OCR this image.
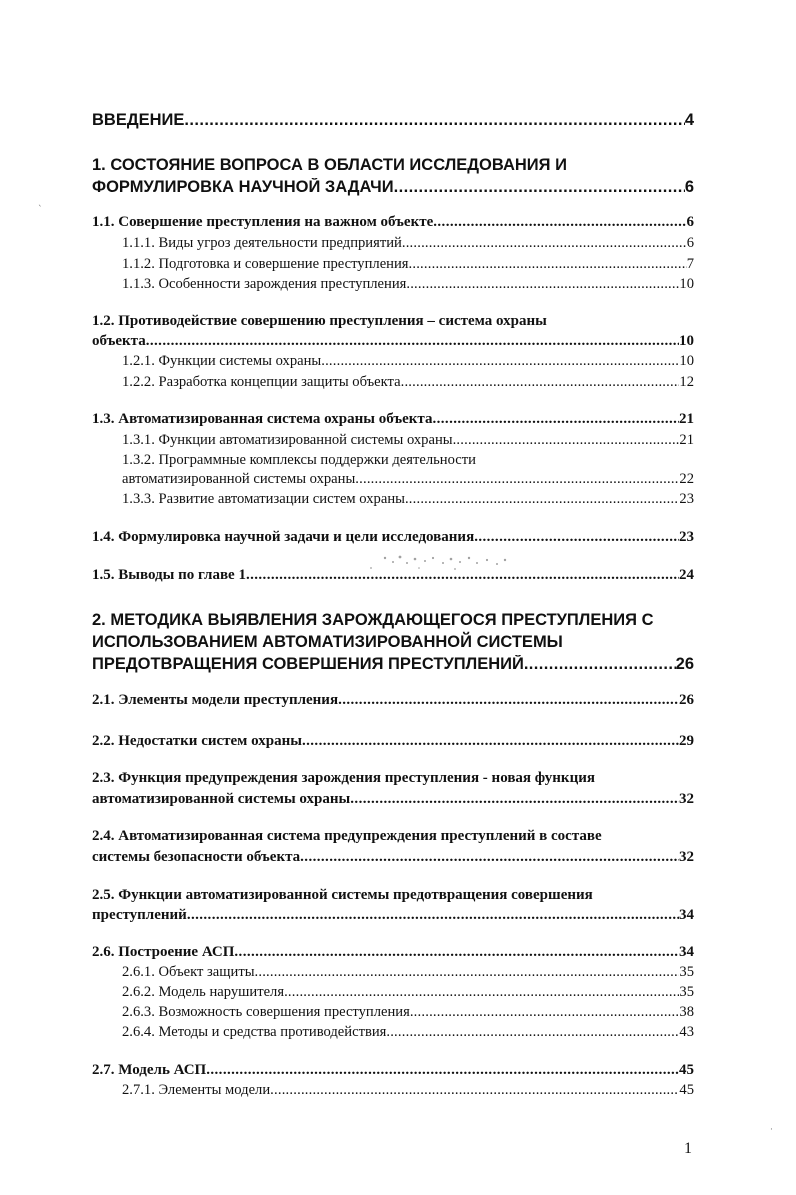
ВВЕДЕНИЕ .....	4
1. СОСТОЯНИЕ ВОПРОСА В ОБЛАСТИ ИССЛЕДОВАНИЯ И
ФОРМУЛИРОВКА НАУЧНОЙ ЗАДАЧИ .....	6
1.1. Совершение преступления на важном объекте .....	6
1.1.1. Виды угроз деятельности предприятий .....	6
1.1.2. Подготовка и совершение преступления .....	7
1.1.3. Особенности зарождения преступления .....	10
1.2. Противодействие совершению преступления – система охраны
объекта .....	10
1.2.1. Функции системы охраны .....	10
1.2.2. Разработка концепции защиты объекта .....	12
1.3. Автоматизированная система охраны объекта .....	21
1.3.1. Функции автоматизированной системы охраны .....	21
1.3.2. Программные комплексы поддержки деятельности
автоматизированной системы охраны .....	22
1.3.3. Развитие автоматизации систем охраны .....	23
1.4. Формулировка научной задачи и цели исследования .....	23
1.5. Выводы по главе 1 .....	24
2. МЕТОДИКА ВЫЯВЛЕНИЯ ЗАРОЖДАЮЩЕГОСЯ ПРЕСТУПЛЕНИЯ С
ИСПОЛЬЗОВАНИЕМ АВТОМАТИЗИРОВАННОЙ СИСТЕМЫ
ПРЕДОТВРАЩЕНИЯ СОВЕРШЕНИЯ ПРЕСТУПЛЕНИЙ .....	26
2.1. Элементы модели преступления .....	26
2.2. Недостатки систем охраны .....	29
2.3. Функция предупреждения зарождения преступления - новая функция
автоматизированной системы охраны .....	32
2.4. Автоматизированная система предупреждения преступлений в составе
системы безопасности объекта .....	32
2.5. Функции автоматизированной системы предотвращения совершения
преступлений .....	34
2.6. Построение АСП .....	34
2.6.1. Объект защиты .....	35
2.6.2. Модель нарушителя .....	35
2.6.3. Возможность совершения преступления .....	38
2.6.4. Методы и средства противодействия .....	43
2.7. Модель АСП .....	45
2.7.1. Элементы модели .....	45
ˋ
·
1
